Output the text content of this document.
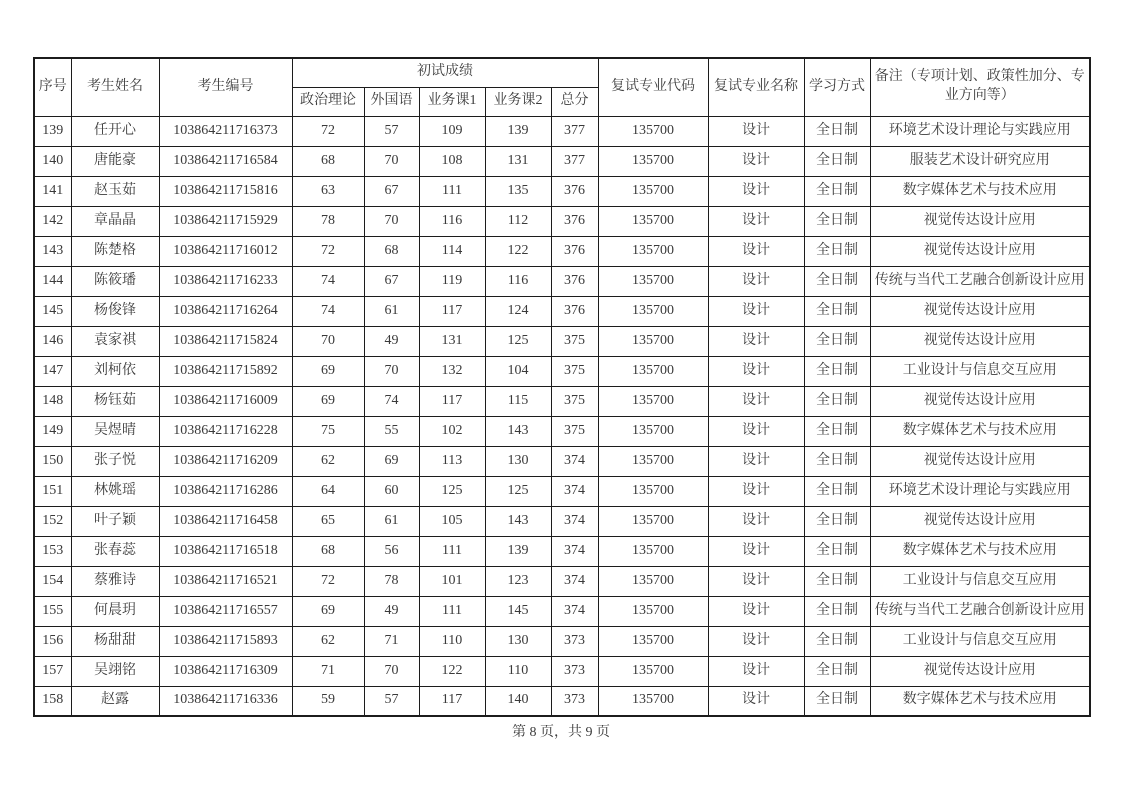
序号	考生姓名	考生编号	初试成绩					复试专业代码	复试专业名称	学习方式	备注（专项计划、政策性加分、专业方向等）
			政治理论	外国语	业务课1	业务课2	总分				
139	任开心	103864211716373	72	57	109	139	377	135700	设计	全日制	环境艺术设计理论与实践应用
140	唐能豪	103864211716584	68	70	108	131	377	135700	设计	全日制	服装艺术设计研究应用
141	赵玉茹	103864211715816	63	67	111	135	376	135700	设计	全日制	数字媒体艺术与技术应用
142	章晶晶	103864211715929	78	70	116	112	376	135700	设计	全日制	视觉传达设计应用
143	陈楚格	103864211716012	72	68	114	122	376	135700	设计	全日制	视觉传达设计应用
144	陈筱璠	103864211716233	74	67	119	116	376	135700	设计	全日制	传统与当代工艺融合创新设计应用
145	杨俊锋	103864211716264	74	61	117	124	376	135700	设计	全日制	视觉传达设计应用
146	袁家祺	103864211715824	70	49	131	125	375	135700	设计	全日制	视觉传达设计应用
147	刘柯依	103864211715892	69	70	132	104	375	135700	设计	全日制	工业设计与信息交互应用
148	杨钰茹	103864211716009	69	74	117	115	375	135700	设计	全日制	视觉传达设计应用
149	吴煜晴	103864211716228	75	55	102	143	375	135700	设计	全日制	数字媒体艺术与技术应用
150	张子悦	103864211716209	62	69	113	130	374	135700	设计	全日制	视觉传达设计应用
151	林姚瑶	103864211716286	64	60	125	125	374	135700	设计	全日制	环境艺术设计理论与实践应用
152	叶子颖	103864211716458	65	61	105	143	374	135700	设计	全日制	视觉传达设计应用
153	张春蕊	103864211716518	68	56	111	139	374	135700	设计	全日制	数字媒体艺术与技术应用
154	蔡雅诗	103864211716521	72	78	101	123	374	135700	设计	全日制	工业设计与信息交互应用
155	何晨玥	103864211716557	69	49	111	145	374	135700	设计	全日制	传统与当代工艺融合创新设计应用
156	杨甜甜	103864211715893	62	71	110	130	373	135700	设计	全日制	工业设计与信息交互应用
157	吴翊铭	103864211716309	71	70	122	110	373	135700	设计	全日制	视觉传达设计应用
158	赵露	103864211716336	59	57	117	140	373	135700	设计	全日制	数字媒体艺术与技术应用
第 8 页，共 9 页
